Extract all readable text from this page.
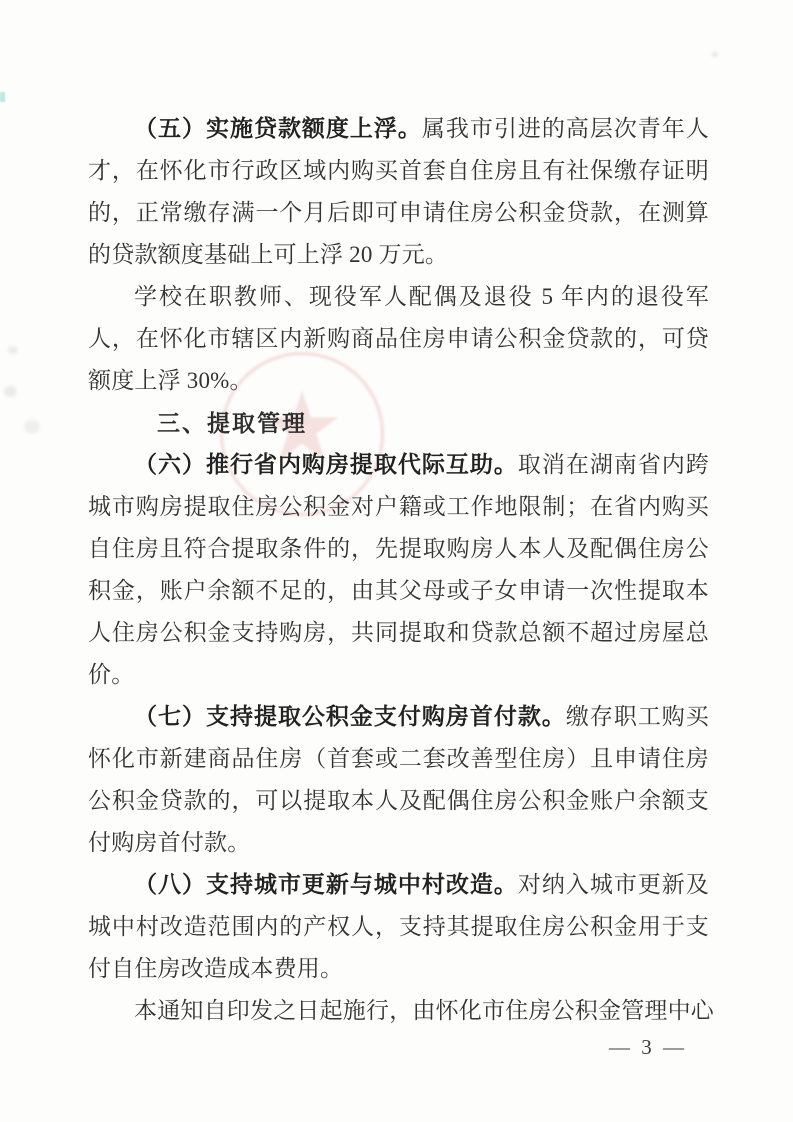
★

（五）实施贷款额度上浮。属我市引进的高层次青年人才，在怀化市行政区域内购买首套自住房且有社保缴存证明的，正常缴存满一个月后即可申请住房公积金贷款，在测算的贷款额度基础上可上浮 20 万元。

学校在职教师、现役军人配偶及退役 5 年内的退役军人，在怀化市辖区内新购商品住房申请公积金贷款的，可贷额度上浮 30%。

三、提取管理

（六）推行省内购房提取代际互助。取消在湖南省内跨城市购房提取住房公积金对户籍或工作地限制；在省内购买自住房且符合提取条件的，先提取购房人本人及配偶住房公积金，账户余额不足的，由其父母或子女申请一次性提取本人住房公积金支持购房，共同提取和贷款总额不超过房屋总价。

（七）支持提取公积金支付购房首付款。缴存职工购买怀化市新建商品住房（首套或二套改善型住房）且申请住房公积金贷款的，可以提取本人及配偶住房公积金账户余额支付购房首付款。

（八）支持城市更新与城中村改造。对纳入城市更新及城中村改造范围内的产权人，支持其提取住房公积金用于支付自住房改造成本费用。

本通知自印发之日起施行，由怀化市住房公积金管理中心

— 3 —
